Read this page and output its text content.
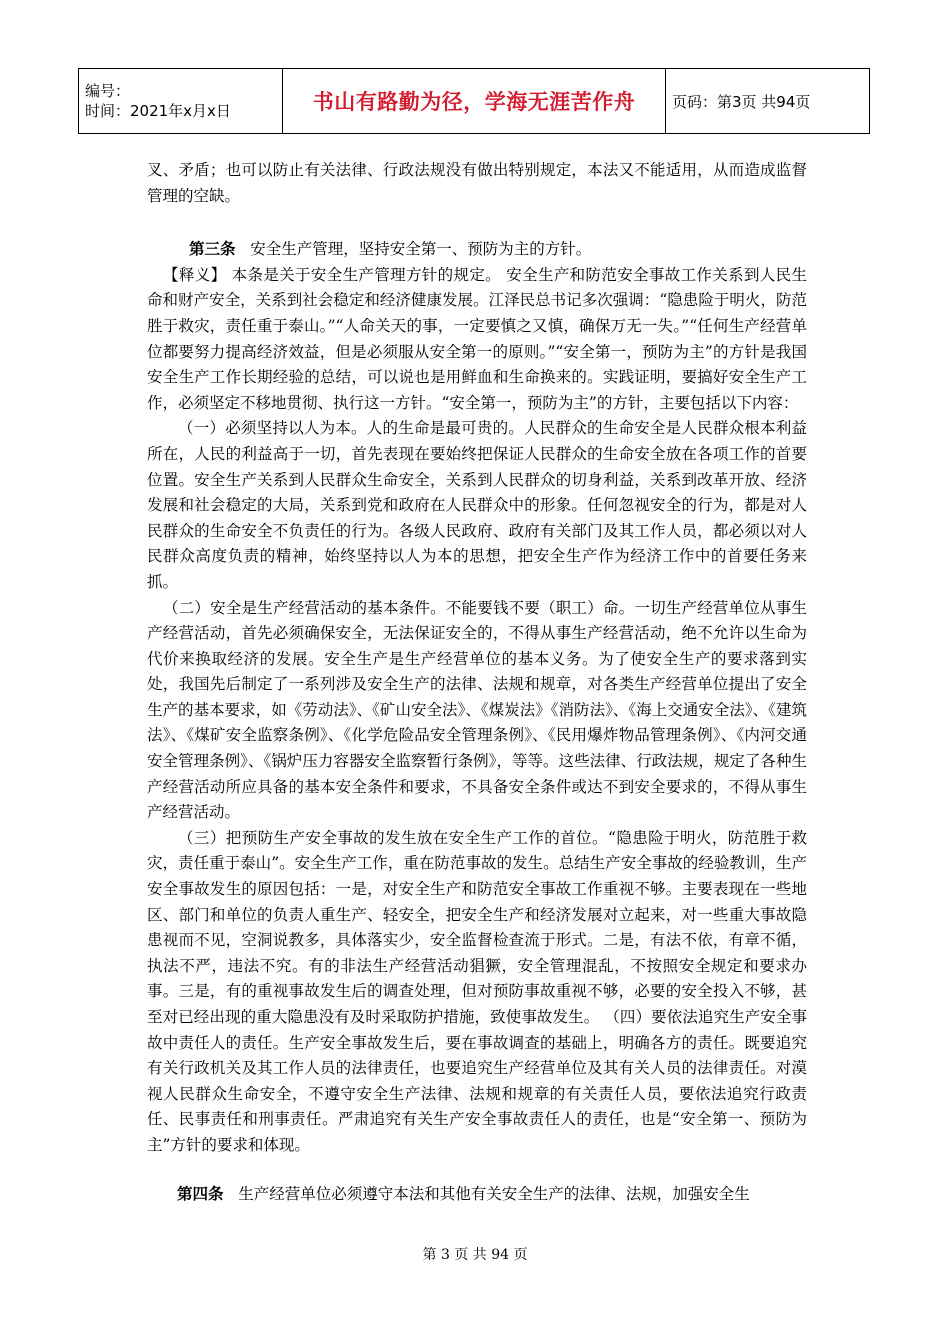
编号：
时间：2021年x月x日	书山有路勤为径，学海无涯苦作舟	页码：第3页 共94页

叉、矛盾；也可以防止有关法律、行政法规没有做出特别规定，本法又不能适用，从而造成监督管理的空缺。

第三条 安全生产管理，坚持安全第一、预防为主的方针。

【释义】 本条是关于安全生产管理方针的规定。 安全生产和防范安全事故工作关系到人民生命和财产安全，关系到社会稳定和经济健康发展。江泽民总书记多次强调：“隐患险于明火，防范胜于救灾，责任重于泰山。”“人命关天的事，一定要慎之又慎，确保万无一失。”“任何生产经营单位都要努力提高经济效益，但是必须服从安全第一的原则。”“安全第一，预防为主”的方针是我国安全生产工作长期经验的总结，可以说也是用鲜血和生命换来的。实践证明，要搞好安全生产工作，必须坚定不移地贯彻、执行这一方针。“安全第一，预防为主”的方针，主要包括以下内容：

（一）必须坚持以人为本。人的生命是最可贵的。人民群众的生命安全是人民群众根本利益所在，人民的利益高于一切，首先表现在要始终把保证人民群众的生命安全放在各项工作的首要位置。安全生产关系到人民群众生命安全，关系到人民群众的切身利益，关系到改革开放、经济发展和社会稳定的大局，关系到党和政府在人民群众中的形象。任何忽视安全的行为，都是对人民群众的生命安全不负责任的行为。各级人民政府、政府有关部门及其工作人员，都必须以对人民群众高度负责的精神，始终坚持以人为本的思想，把安全生产作为经济工作中的首要任务来抓。

（二）安全是生产经营活动的基本条件。不能要钱不要（职工）命。一切生产经营单位从事生产经营活动，首先必须确保安全，无法保证安全的，不得从事生产经营活动，绝不允许以生命为代价来换取经济的发展。安全生产是生产经营单位的基本义务。为了使安全生产的要求落到实处，我国先后制定了一系列涉及安全生产的法律、法规和规章，对各类生产经营单位提出了安全生产的基本要求，如《劳动法》、《矿山安全法》、《煤炭法》《消防法》、《海上交通安全法》、《建筑法》、《煤矿安全监察条例》、《化学危险品安全管理条例》、《民用爆炸物品管理条例》、《内河交通安全管理条例》、《锅炉压力容器安全监察暂行条例》，等等。这些法律、行政法规，规定了各种生产经营活动所应具备的基本安全条件和要求，不具备安全条件或达不到安全要求的，不得从事生产经营活动。

（三）把预防生产安全事故的发生放在安全生产工作的首位。“隐患险于明火，防范胜于救灾，责任重于泰山”。安全生产工作，重在防范事故的发生。总结生产安全事故的经验教训，生产安全事故发生的原因包括：一是，对安全生产和防范安全事故工作重视不够。主要表现在一些地区、部门和单位的负责人重生产、轻安全，把安全生产和经济发展对立起来，对一些重大事故隐患视而不见，空洞说教多，具体落实少，安全监督检查流于形式。二是，有法不依，有章不循，执法不严，违法不究。有的非法生产经营活动猖獗，安全管理混乱，不按照安全规定和要求办事。三是，有的重视事故发生后的调查处理，但对预防事故重视不够，必要的安全投入不够，甚至对已经出现的重大隐患没有及时采取防护措施，致使事故发生。 （四）要依法追究生产安全事故中责任人的责任。生产安全事故发生后，要在事故调查的基础上，明确各方的责任。既要追究有关行政机关及其工作人员的法律责任，也要追究生产经营单位及其有关人员的法律责任。对漠视人民群众生命安全，不遵守安全生产法律、法规和规章的有关责任人员，要依法追究行政责任、民事责任和刑事责任。严肃追究有关生产安全事故责任人的责任，也是“安全第一、预防为主”方针的要求和体现。

第四条 生产经营单位必须遵守本法和其他有关安全生产的法律、法规，加强安全生

第 3 页 共 94 页
